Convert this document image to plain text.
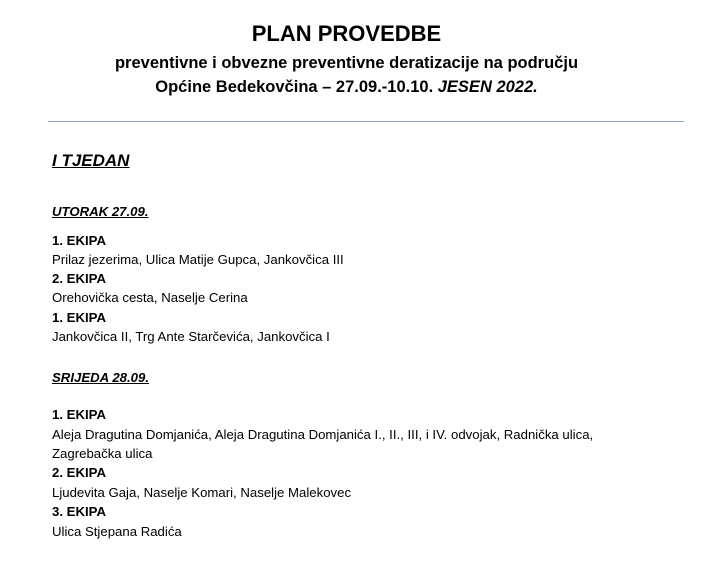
PLAN PROVEDBE
preventivne i obvezne preventivne deratizacije na području
Općine Bedekovčina – 27.09.-10.10. JESEN 2022.
I TJEDAN
UTORAK 27.09.
1. EKIPA
Prilaz jezerima, Ulica Matije Gupca, Jankovčica III
2. EKIPA
Orehovička cesta, Naselje Cerina
1. EKIPA
Jankovčica II, Trg Ante Starčevića, Jankovčica I
SRIJEDA 28.09.
1. EKIPA
Aleja Dragutina Domjanića, Aleja Dragutina Domjanića I., II., III, i IV. odvojak, Radnička ulica,
Zagrebačka ulica
2. EKIPA
Ljudevita Gaja, Naselje Komari, Naselje Malekovec
3. EKIPA
Ulica Stjepana Radića
